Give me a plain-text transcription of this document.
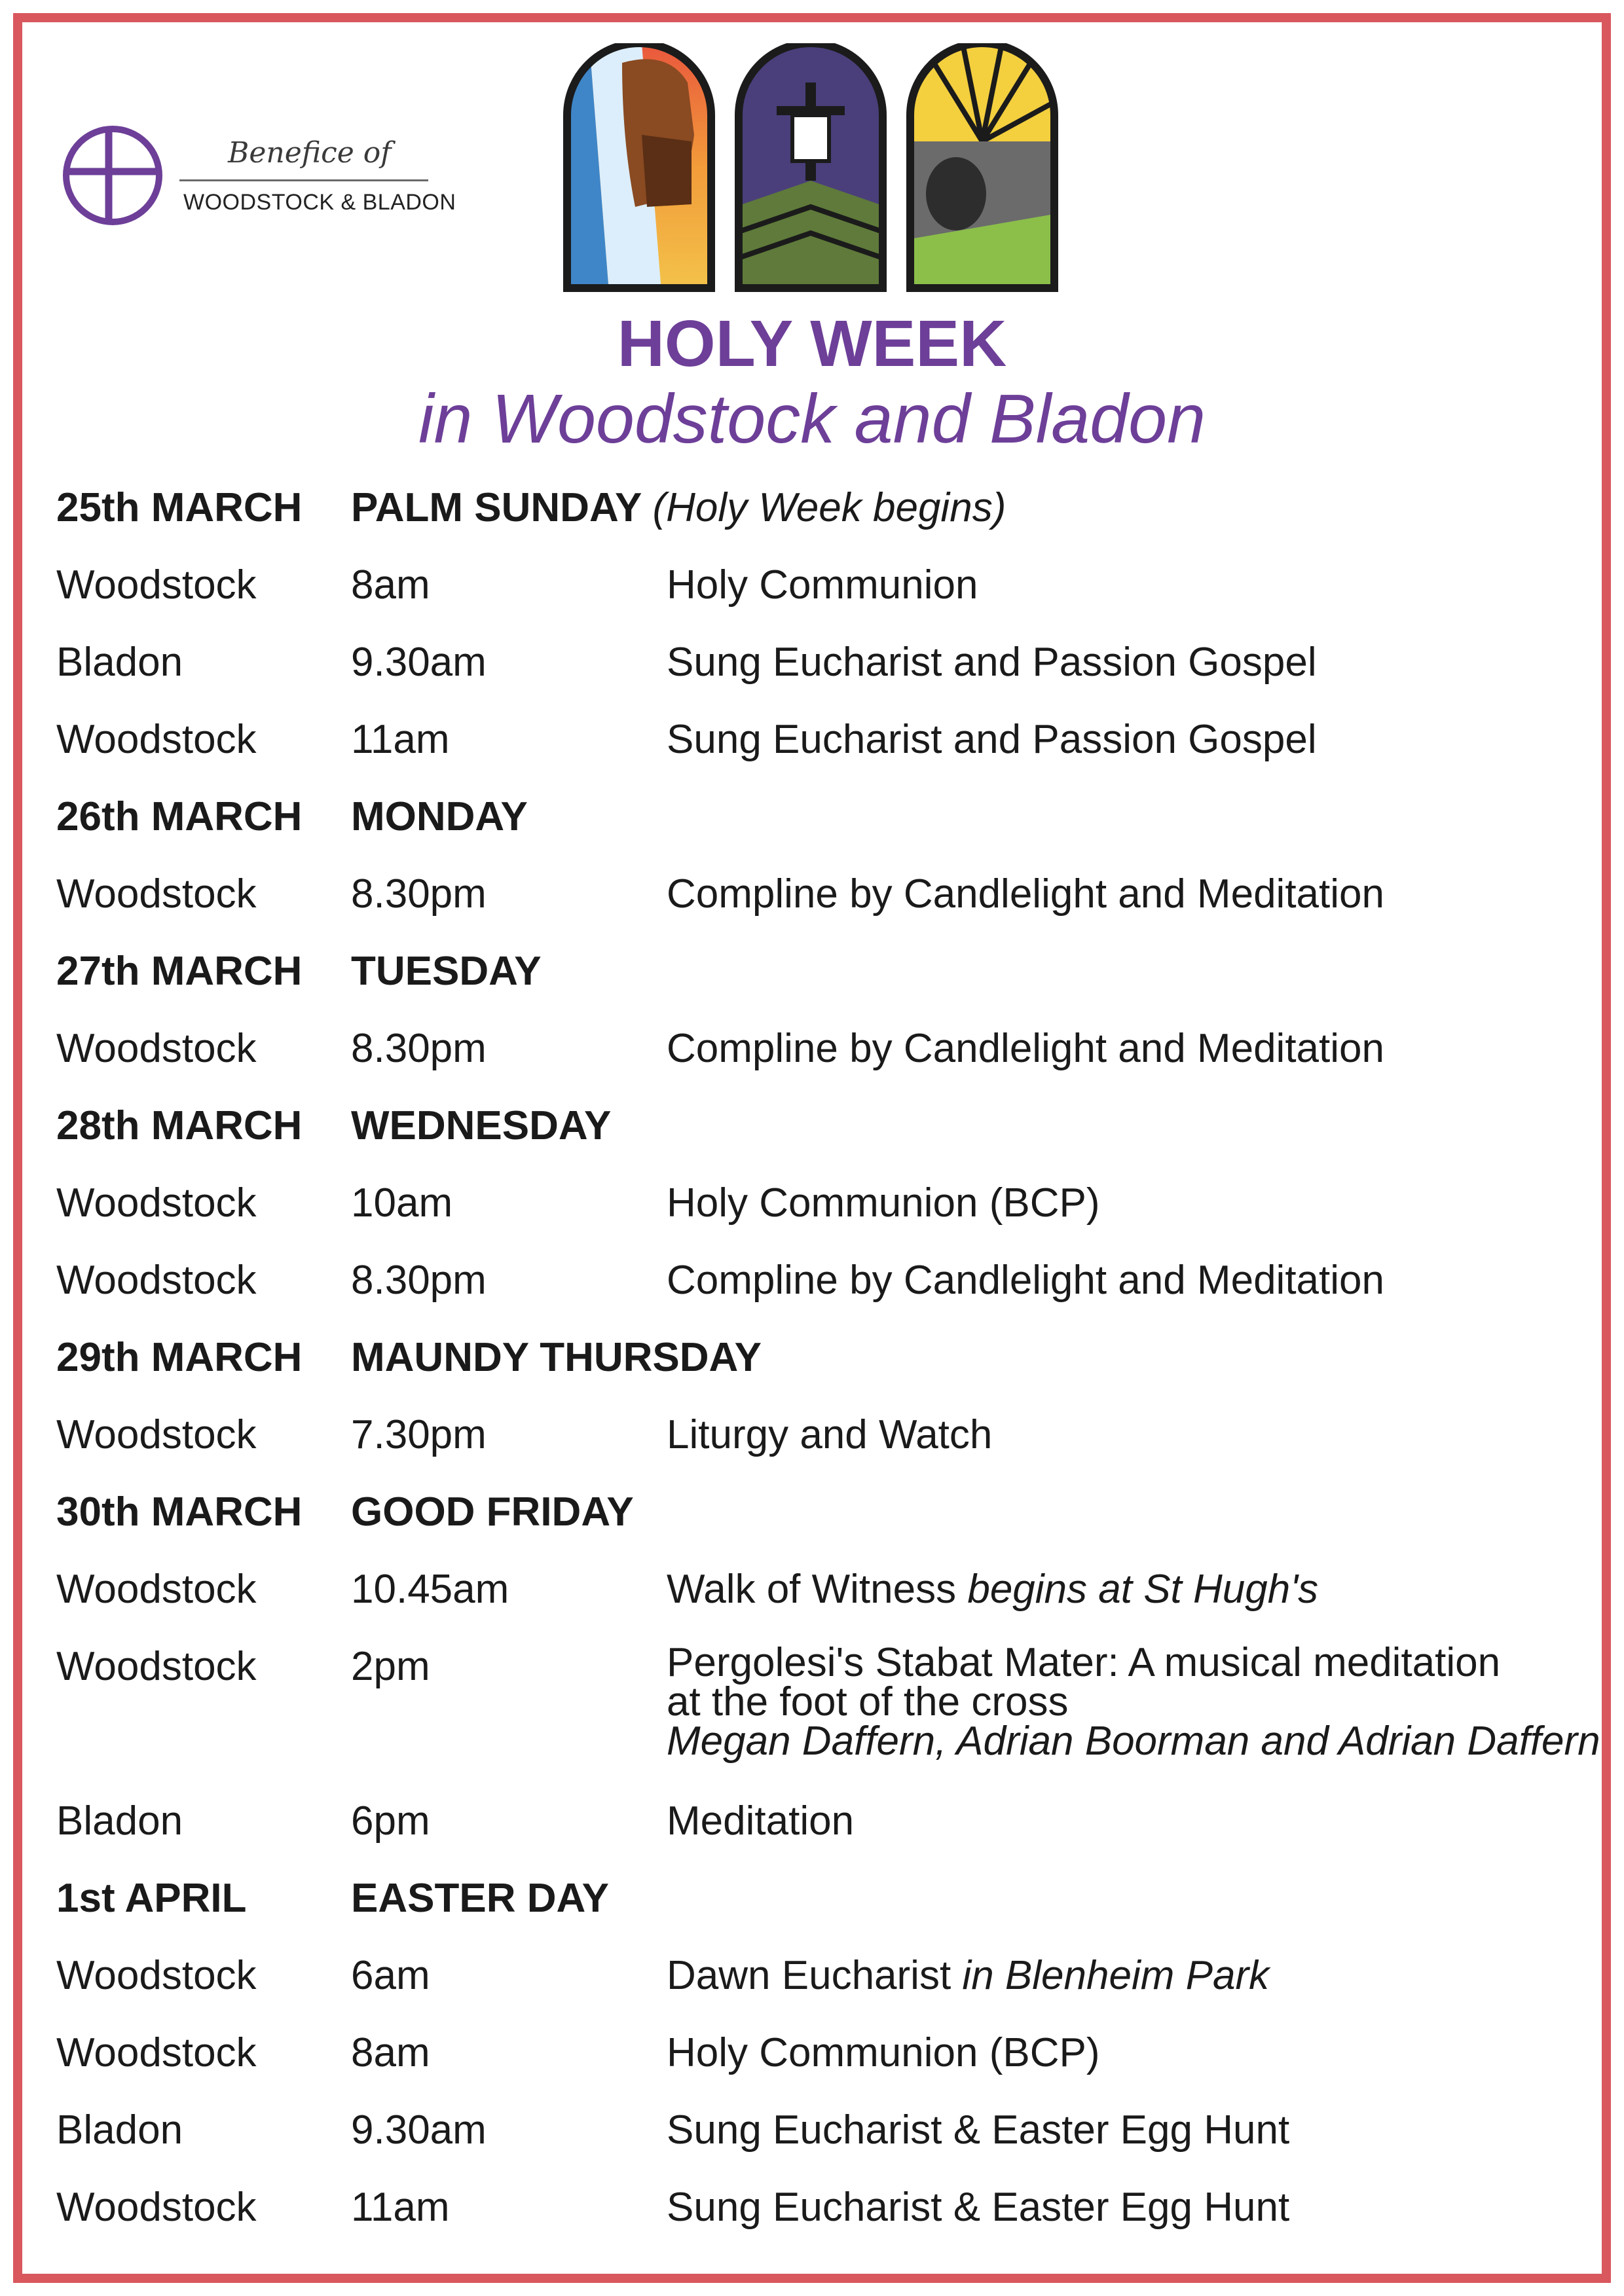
Benefice of
WOODSTOCK & BLADON
HOLY WEEK
in Woodstock and Bladon
25th MARCH PALM SUNDAY (Holy Week begins)
Woodstock 8am	Holy Communion
Bladon	9.30am	Sung Eucharist and Passion Gospel
Woodstock 11am	Sung Eucharist and Passion Gospel
26th MARCH MONDAY
Woodstock 8.30pm	Compline by Candlelight and Meditation
27th MARCH TUESDAY
Woodstock 8.30pm	Compline by Candlelight and Meditation
28th MARCH WEDNESDAY
Woodstock 10am	Holy Communion (BCP)
Woodstock 8.30pm	Compline by Candlelight and Meditation
29th MARCH MAUNDY THURSDAY
Woodstock 7.30pm	Liturgy and Watch
30th MARCH GOOD FRIDAY
Woodstock 10.45am	Walk of Witness begins at St Hugh's
Woodstock 2pm	Pergolesi's Stabat Mater: A musical meditation
at the foot of the cross
Megan Daffern, Adrian Boorman and Adrian Daffern
Bladon	6pm	Meditation
1st APRIL	EASTER DAY
Woodstock 6am	Dawn Eucharist in Blenheim Park
Woodstock 8am	Holy Communion (BCP)
Bladon	9.30am	Sung Eucharist & Easter Egg Hunt
Woodstock 11am	Sung Eucharist & Easter Egg Hunt
